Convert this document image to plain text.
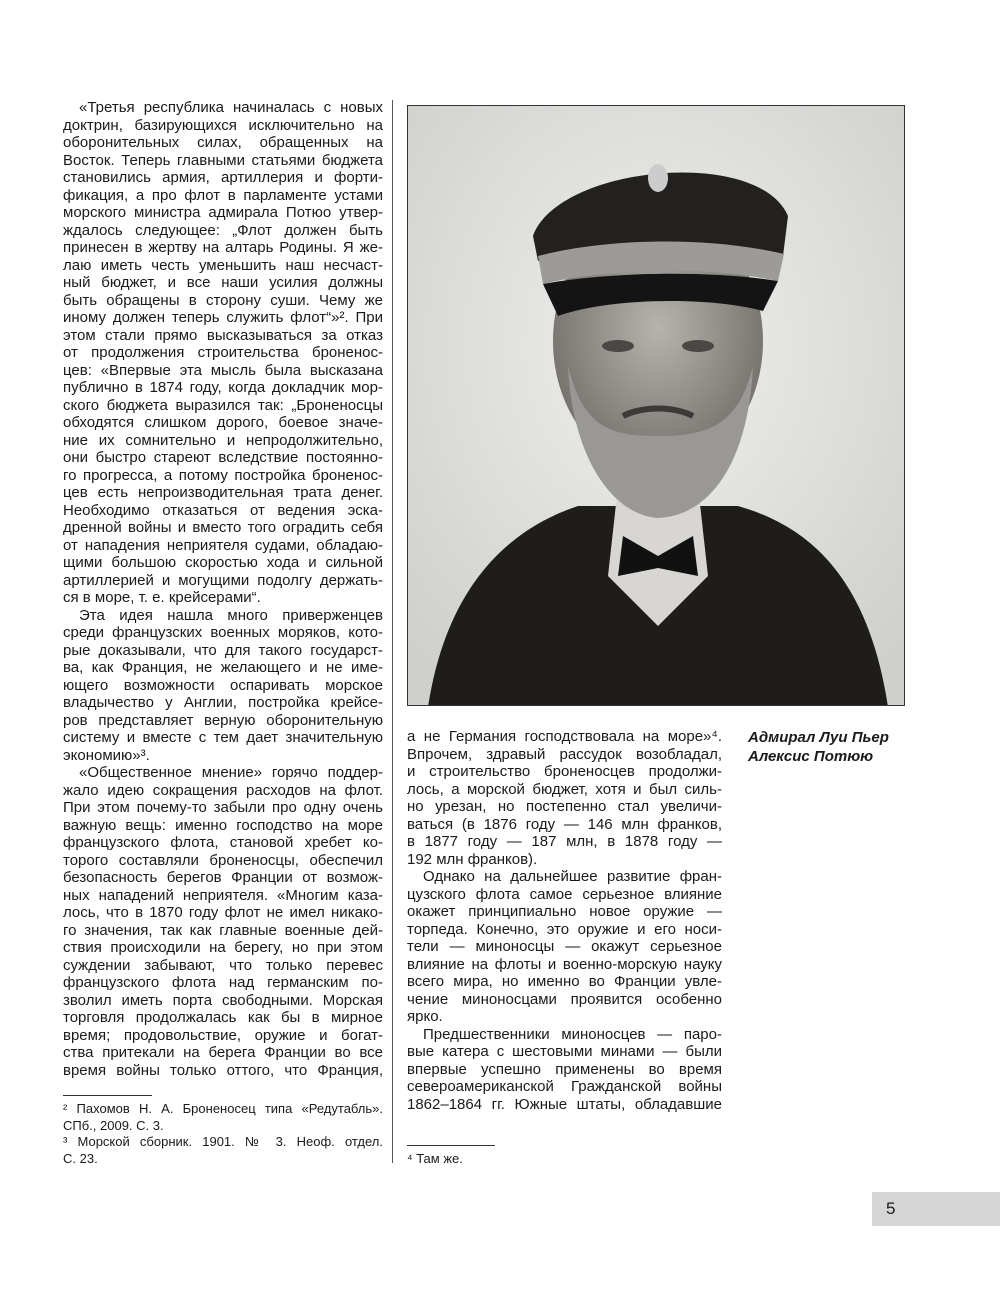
«Третья республика начиналась с новых
доктрин, базирующихся исключительно на
оборонительных силах, обращенных на
Восток. Теперь главными статьями бюджета
становились армия, артиллерия и форти-
фикация, а про флот в парламенте устами
морского министра адмирала Потюо утвер-
ждалось следующее: „Флот должен быть
принесен в жертву на алтарь Родины. Я же-
лаю иметь честь уменьшить наш несчаст-
ный бюджет, и все наши усилия должны
быть обращены в сторону суши. Чему же
иному должен теперь служить флот“»². При
этом стали прямо высказываться за отказ
от продолжения строительства броненос-
цев: «Впервые эта мысль была высказана
публично в 1874 году, когда докладчик мор-
ского бюджета выразился так: „Броненосцы
обходятся слишком дорого, боевое значе-
ние их сомнительно и непродолжительно,
они быстро стареют вследствие постоянно-
го прогресса, а потому постройка броненос-
цев есть непроизводительная трата денег.
Необходимо отказаться от ведения эска-
дренной войны и вместо того оградить себя
от нападения неприятеля судами, обладаю-
щими большою скоростью хода и сильной
артиллерией и могущими подолгу держать-
ся в море, т. е. крейсерами“.
Эта идея нашла много приверженцев
среди французских военных моряков, кото-
рые доказывали, что для такого государст-
ва, как Франция, не желающего и не име-
ющего возможности оспаривать морское
владычество у Англии, постройка крейсе-
ров представляет верную оборонительную
систему и вместе с тем дает значительную
экономию»³.
«Общественное мнение» горячо поддер-
жало идею сокращения расходов на флот.
При этом почему-то забыли про одну очень
важную вещь: именно господство на море
французского флота, становой хребет ко-
торого составляли броненосцы, обеспечил
безопасность берегов Франции от возмож-
ных нападений неприятеля. «Многим каза-
лось, что в 1870 году флот не имел никако-
го значения, так как главные военные дей-
ствия происходили на берегу, но при этом
суждении забывают, что только перевес
французского флота над германским по-
зволил иметь порта свободными. Морская
торговля продолжалась как бы в мирное
время; продовольствие, оружие и богат-
ства притекали на берега Франции во все
время войны только оттого, что Франция,
² Пахомов Н. А. Броненосец типа «Редутабль».
СПб., 2009. С. 3.
³ Морской сборник. 1901. № 3. Неоф. отдел.
С. 23.
Адмирал Луи Пьер
Алексис Потюю
а не Германия господствовала на море»⁴.
Впрочем, здравый рассудок возобладал,
и строительство броненосцев продолжи-
лось, а морской бюджет, хотя и был силь-
но урезан, но постепенно стал увеличи-
ваться (в 1876 году — 146 млн франков,
в 1877 году — 187 млн, в 1878 году —
192 млн франков).
Однако на дальнейшее развитие фран-
цузского флота самое серьезное влияние
окажет принципиально новое оружие —
торпеда. Конечно, это оружие и его носи-
тели — миноносцы — окажут серьезное
влияние на флоты и военно-морскую науку
всего мира, но именно во Франции увле-
чение миноносцами проявится особенно
ярко.
Предшественники миноносцев — паро-
вые катера с шестовыми минами — были
впервые успешно применены во время
североамериканской Гражданской войны
1862–1864 гг. Южные штаты, обладавшие
⁴ Там же.
5
